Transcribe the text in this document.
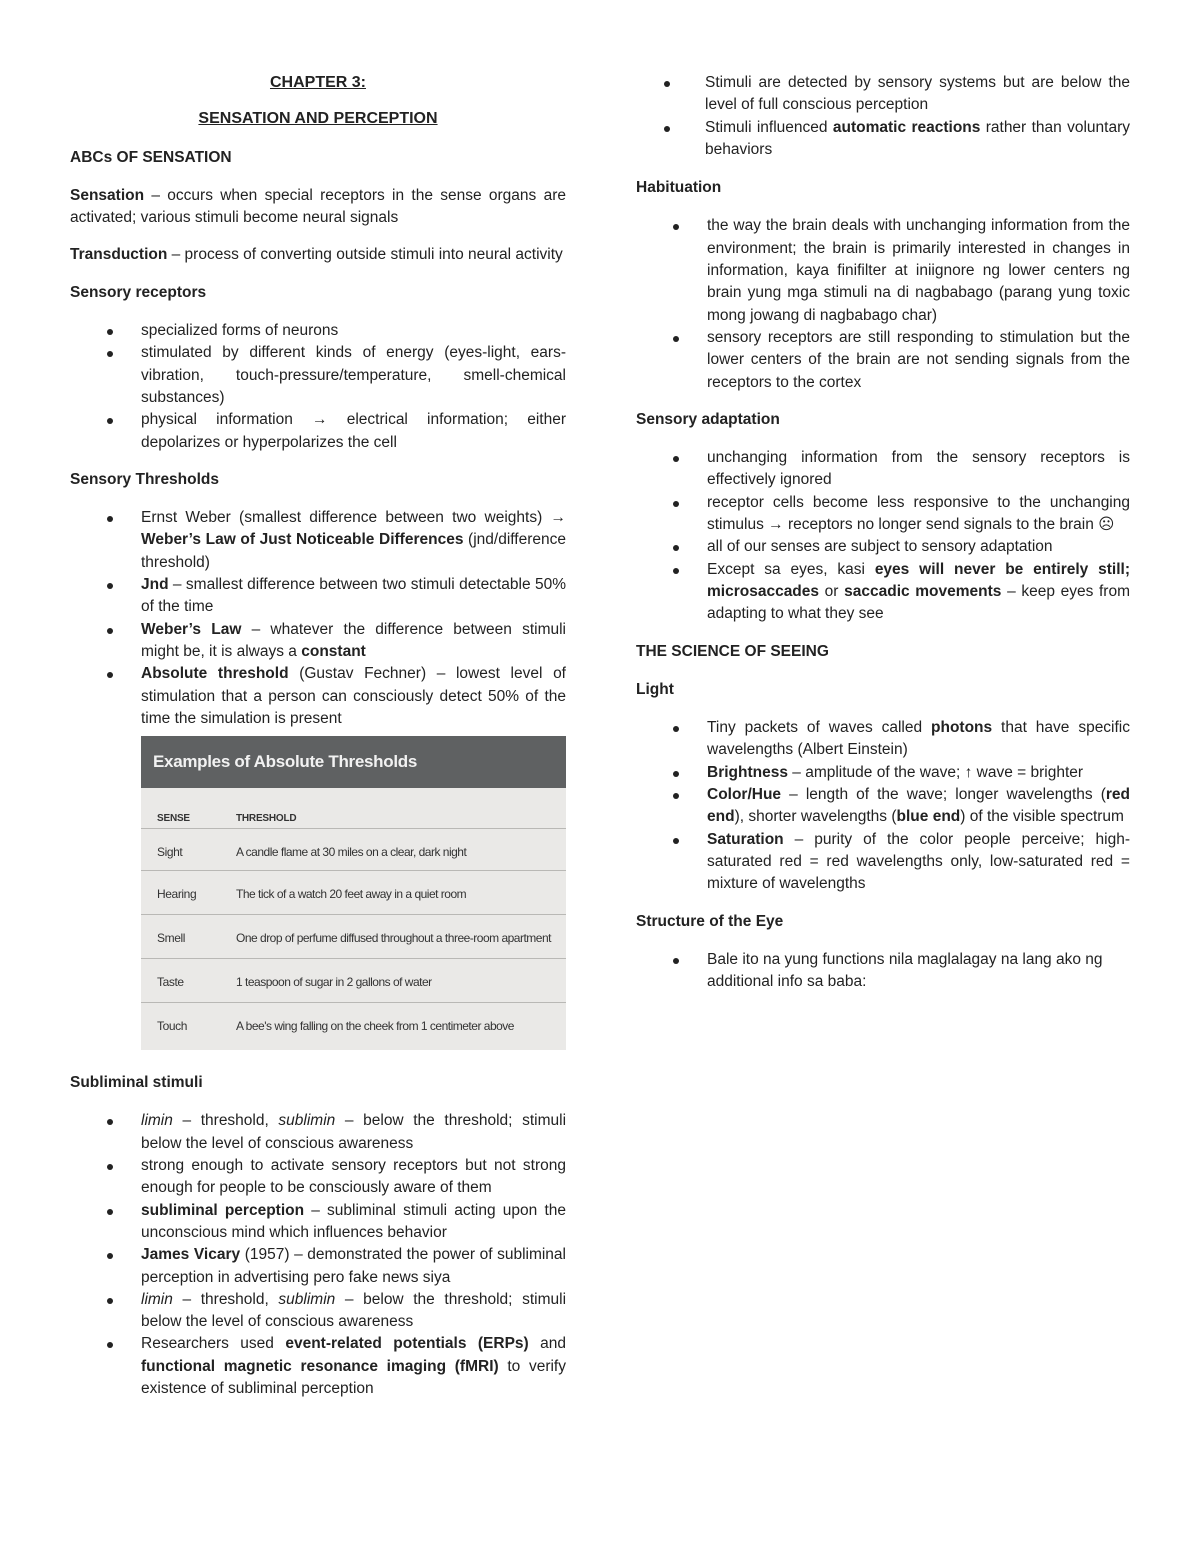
CHAPTER 3:

SENSATION AND PERCEPTION

ABCs OF SENSATION

Sensation – occurs when special receptors in the sense organs are activated; various stimuli become neural signals

Transduction – process of converting outside stimuli into neural activity

Sensory receptors

specialized forms of neurons
stimulated by different kinds of energy (eyes-light, ears-vibration, touch-pressure/temperature, smell-chemical substances)
physical information → electrical information; either depolarizes or hyperpolarizes the cell

Sensory Thresholds

Ernst Weber (smallest difference between two weights) → Weber’s Law of Just Noticeable Differences (jnd/difference threshold)
Jnd – smallest difference between two stimuli detectable 50% of the time
Weber’s Law – whatever the difference between stimuli might be, it is always a constant
Absolute threshold (Gustav Fechner) – lowest level of stimulation that a person can consciously detect 50% of the time the simulation is present
Examples of Absolute Thresholds
SENSE	THRESHOLD
Sight	A candle flame at 30 miles on a clear, dark night
Hearing	The tick of a watch 20 feet away in a quiet room
Smell	One drop of perfume diffused throughout a three-room apartment
Taste	1 teaspoon of sugar in 2 gallons of water
Touch	A bee's wing falling on the cheek from 1 centimeter above

Subliminal stimuli

limin – threshold, sublimin – below the threshold; stimuli below the level of conscious awareness
strong enough to activate sensory receptors but not strong enough for people to be consciously aware of them
subliminal perception – subliminal stimuli acting upon the unconscious mind which influences behavior
James Vicary (1957) – demonstrated the power of subliminal perception in advertising pero fake news siya
limin – threshold, sublimin – below the threshold; stimuli below the level of conscious awareness
Researchers used event-related potentials (ERPs) and functional magnetic resonance imaging (fMRI) to verify existence of subliminal perception
Stimuli are detected by sensory systems but are below the level of full conscious perception
Stimuli influenced automatic reactions rather than voluntary behaviors

Habituation

the way the brain deals with unchanging information from the environment; the brain is primarily interested in changes in information, kaya finifilter at iniignore ng lower centers ng brain yung mga stimuli na di nagbabago (parang yung toxic mong jowang di nagbabago char)
sensory receptors are still responding to stimulation but the lower centers of the brain are not sending signals from the receptors to the cortex

Sensory adaptation

unchanging information from the sensory receptors is effectively ignored
receptor cells become less responsive to the unchanging stimulus → receptors no longer send signals to the brain ☹
all of our senses are subject to sensory adaptation
Except sa eyes, kasi eyes will never be entirely still; microsaccades or saccadic movements – keep eyes from adapting to what they see

THE SCIENCE OF SEEING

Light

Tiny packets of waves called photons that have specific wavelengths (Albert Einstein)
Brightness – amplitude of the wave; ↑ wave = brighter
Color/Hue – length of the wave; longer wavelengths (red end), shorter wavelengths (blue end) of the visible spectrum
Saturation – purity of the color people perceive; high-saturated red = red wavelengths only, low-saturated red = mixture of wavelengths

Structure of the Eye

Bale ito na yung functions nila maglalagay na lang ako ng additional info sa baba:
